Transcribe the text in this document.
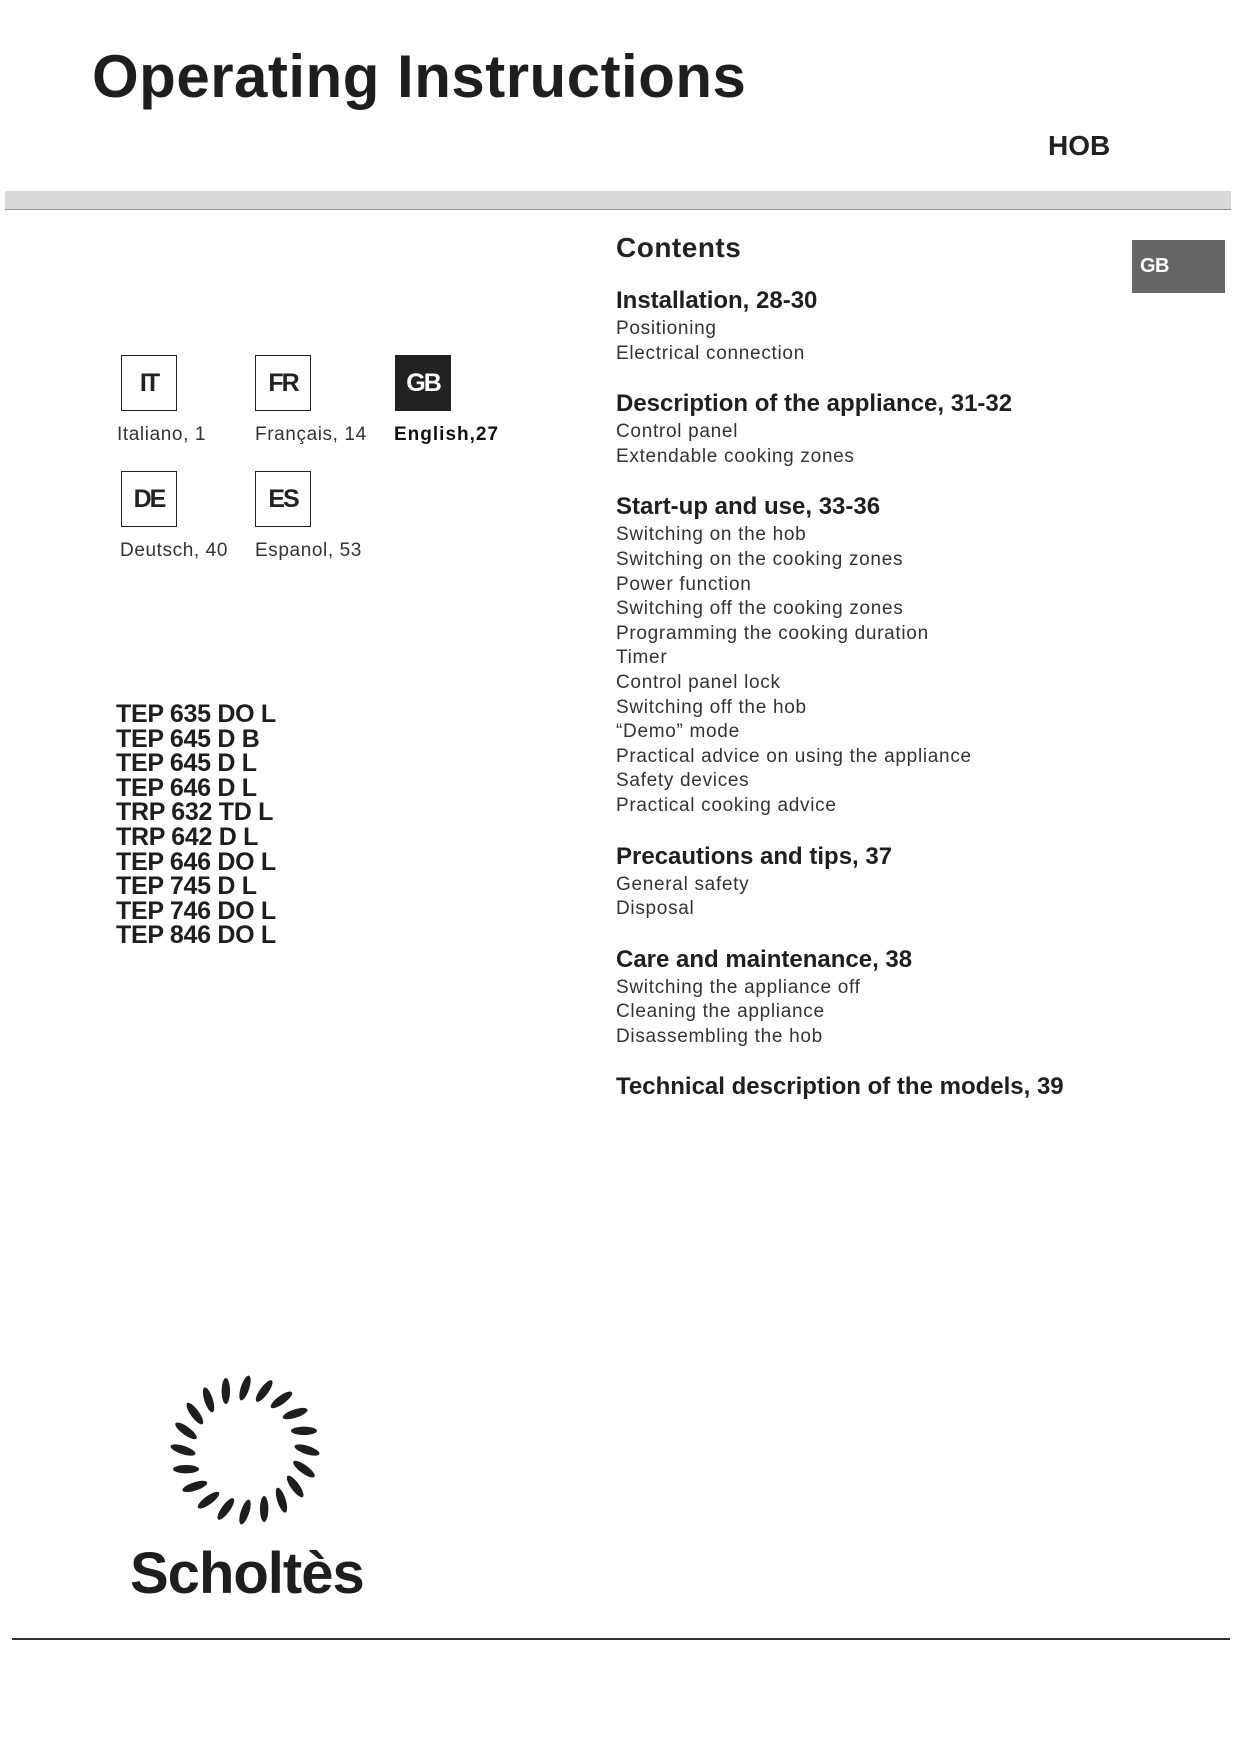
Operating Instructions
HOB
GB
IT
Italiano, 1
FR
Français, 14
GB
English,27
DE
Deutsch, 40
ES
Espanol, 53
TEP 635 DO L
TEP 645 D B
TEP 645 D L
TEP 646 D L
TRP 632 TD L
TRP 642 D L
TEP 646 DO L
TEP 745 D L
TEP 746 DO L
TEP 846 DO L
Contents
Installation, 28-30
Positioning
Electrical connection
Description of the appliance, 31-32
Control panel
Extendable cooking zones
Start-up and use, 33-36
Switching on the hob
Switching on the cooking zones
Power function
Switching off the cooking zones
Programming the cooking duration
Timer
Control panel lock
Switching off the hob
“Demo” mode
Practical advice on using the appliance
Safety devices
Practical cooking advice
Precautions and tips, 37
General safety
Disposal
Care and maintenance, 38
Switching the appliance off
Cleaning the appliance
Disassembling the hob
Technical description of the models, 39
Scholtès
